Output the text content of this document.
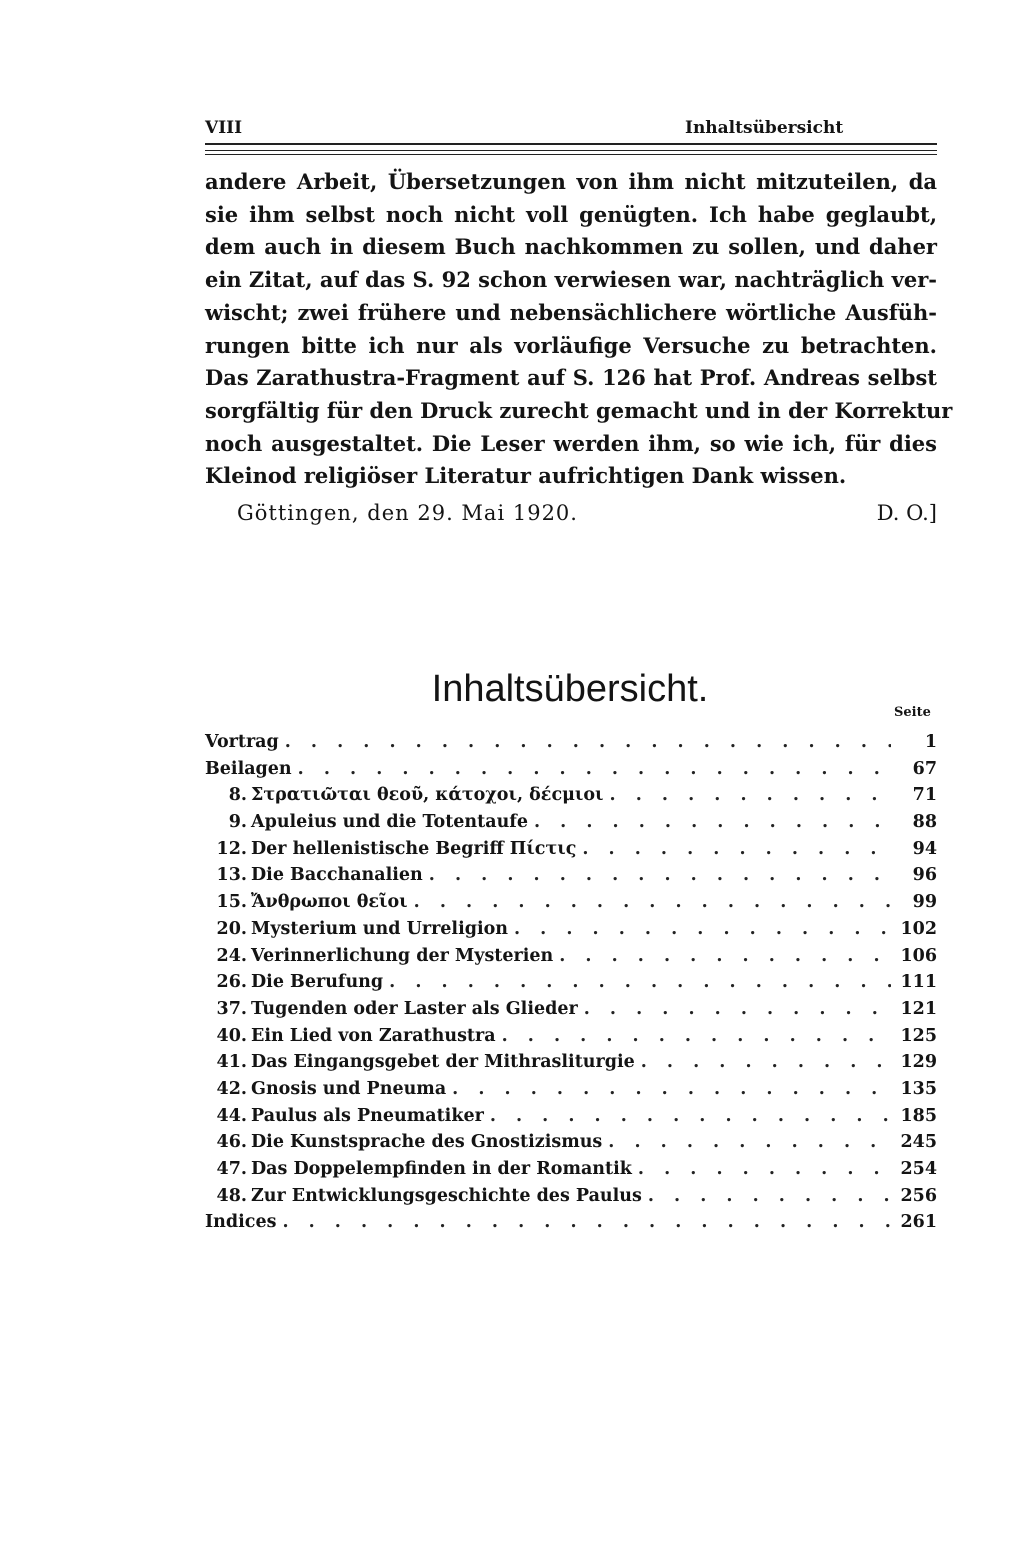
VIII	Inhaltsübersicht
andere Arbeit, Übersetzungen von ihm nicht mitzuteilen, da
sie ihm selbst noch nicht voll genügten. Ich habe geglaubt,
dem auch in diesem Buch nachkommen zu sollen, und daher
ein Zitat, auf das S. 92 schon verwiesen war, nachträglich ver-
wischt; zwei frühere und nebensächlichere wörtliche Ausfüh-
rungen bitte ich nur als vorläufige Versuche zu betrachten.
Das Zarathustra-Fragment auf S. 126 hat Prof. Andreas selbst
sorgfältig für den Druck zurecht gemacht und in der Korrektur
noch ausgestaltet. Die Leser werden ihm, so wie ich, für dies
Kleinod religiöser Literatur aufrichtigen Dank wissen.
Göttingen, den 29. Mai 1920.	D. O.]
Inhaltsübersicht.
Seite
Vortrag . . .	1
Beilagen . . .	67
8. Στρατιῶται θεοῦ, κάτοχοι, δέcμιοι . . .	71
9. Apuleius und die Totentaufe . . .	88
12. Der hellenistische Begriff Πίcτις . . .	94
13. Die Bacchanalien . . .	96
15. Ἄνθρωποι θεῖοι . . .	99
20. Mysterium und Urreligion . . .	102
24. Verinnerlichung der Mysterien . . .	106
26. Die Berufung . . .	111
37. Tugenden oder Laster als Glieder . . .	121
40. Ein Lied von Zarathustra . . .	125
41. Das Eingangsgebet der Mithrasliturgie . . .	129
42. Gnosis und Pneuma . . .	135
44. Paulus als Pneumatiker . . .	185
46. Die Kunstsprache des Gnostizismus . . .	245
47. Das Doppelempfinden in der Romantik . . .	254
48. Zur Entwicklungsgeschichte des Paulus . . .	256
Indices . . .	261
